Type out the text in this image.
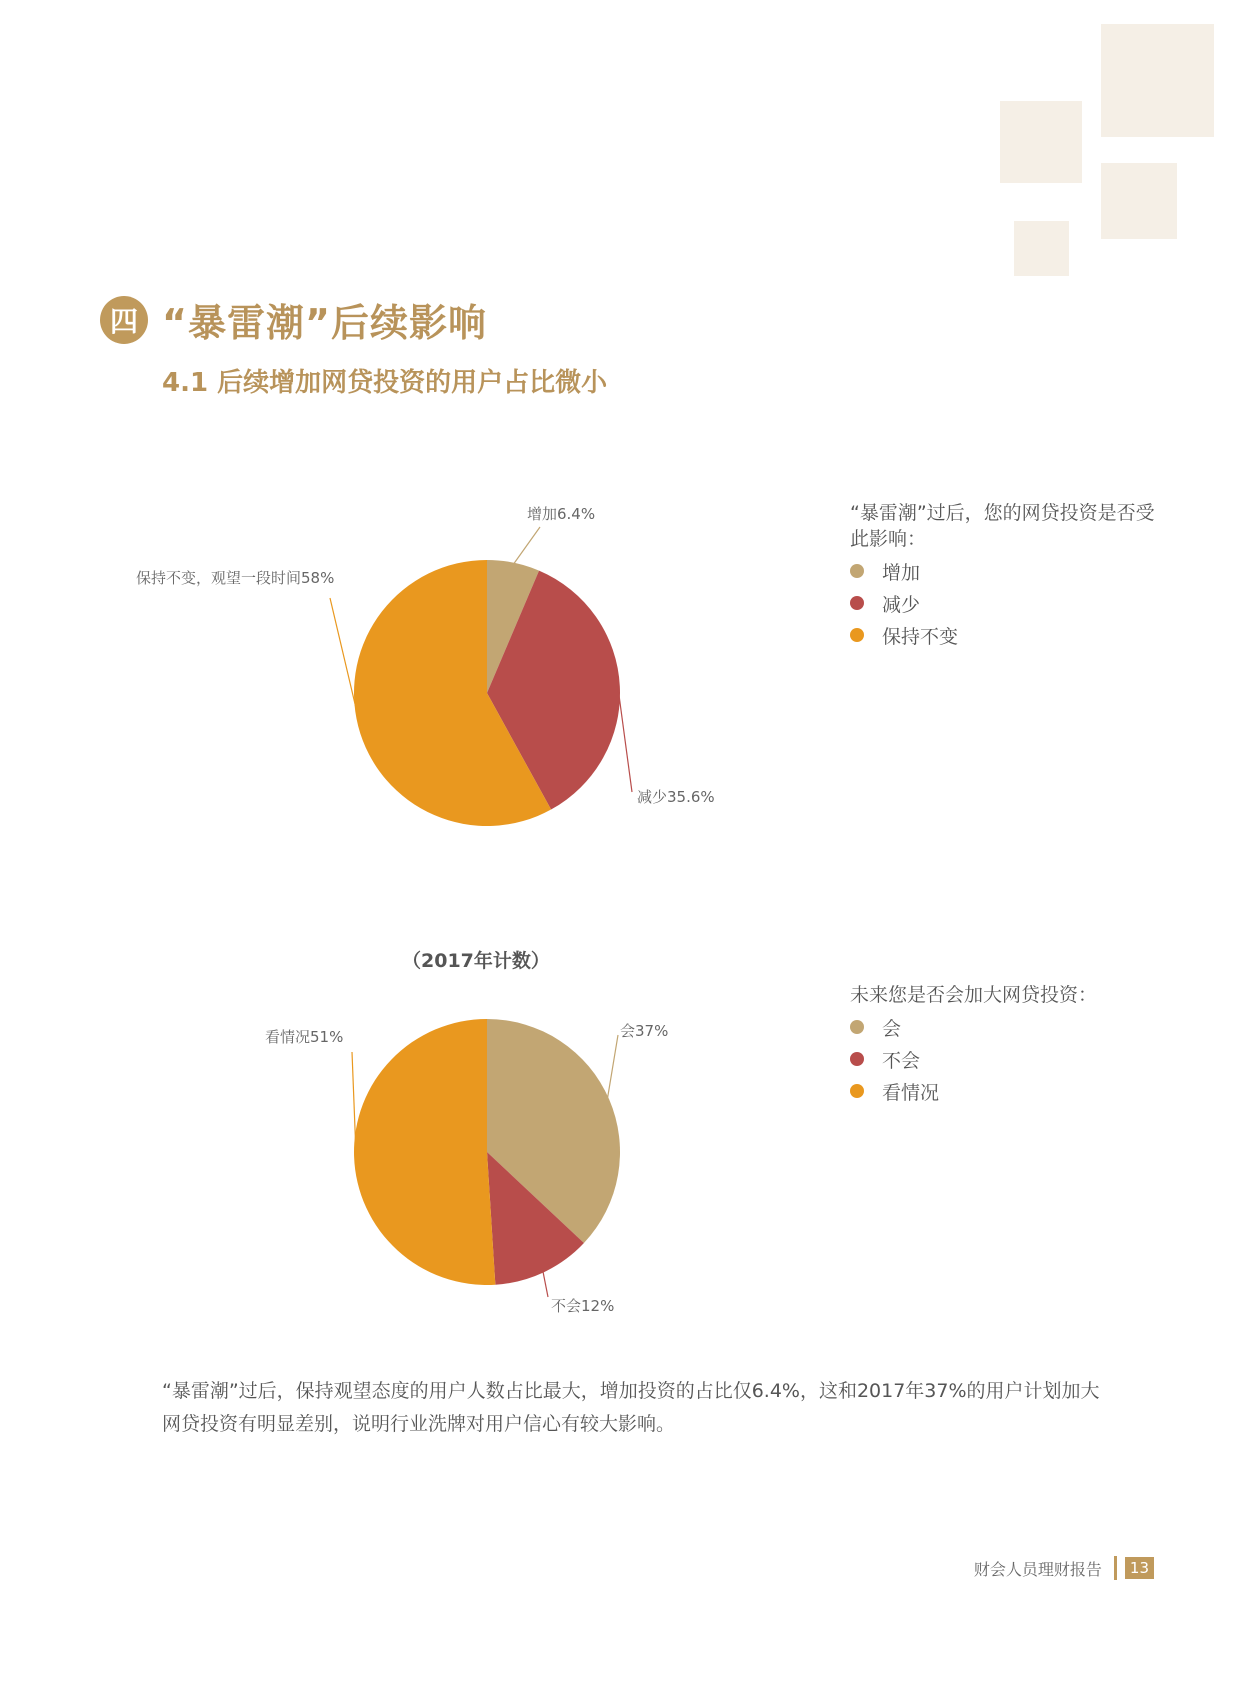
四 “暴雷潮”后续影响
4.1 后续增加网贷投资的用户占比微小
增加6.4%
减少35.6%
保持不变，观望一段时间58%
“暴雷潮”过后，您的网贷投资是否受此影响：
增加
减少
保持不变
（2017年计数）
会37%
不会12%
看情况51%
未来您是否会加大网贷投资：
会
不会
看情况
“暴雷潮”过后，保持观望态度的用户人数占比最大，增加投资的占比仅6.4%，这和2017年37%的用户计划加大网贷投资有明显差别，说明行业洗牌对用户信心有较大影响。
财会人员理财报告	13
